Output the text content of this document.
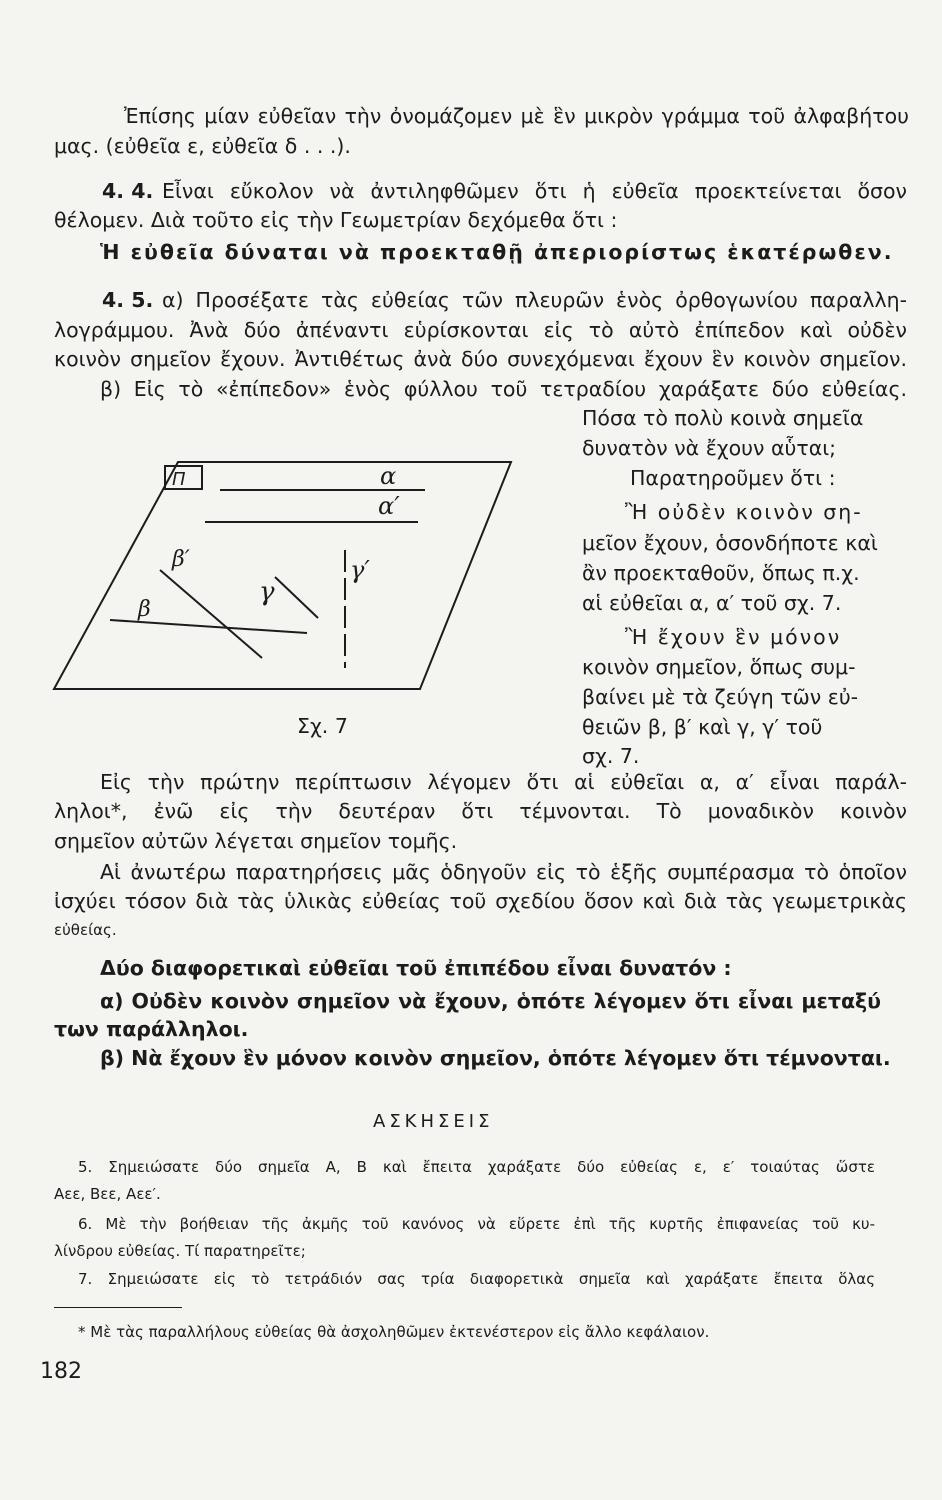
Ἐπίσης μίαν εὐθεῖαν τὴν ὀνομάζομεν μὲ ἓν μικρὸν γράμμα τοῦ ἀλφαβήτου
μας. (εὐθεῖα ε, εὐθεῖα δ . . .).
4. 4. Εἶναι εὔκολον νὰ ἀντιληφθῶμεν ὅτι ἡ εὐθεῖα προεκτείνεται ὅσον
θέλομεν. Διὰ τοῦτο εἰς τὴν Γεωμετρίαν δεχόμεθα ὅτι :
Ἡ εὐθεῖα δύναται νὰ προεκταθῇ ἀπεριορίστως ἑκατέρωθεν.
4. 5. α) Προσέξατε τὰς εὐθείας τῶν πλευρῶν ἑνὸς ὀρθογωνίου παραλλη-
λογράμμου. Ἀνὰ δύο ἀπέναντι εὑρίσκονται εἰς τὸ αὐτὸ ἐπίπεδον καὶ οὐδὲν
κοινὸν σημεῖον ἔχουν. Ἀντιθέτως ἀνὰ δύο συνεχόμεναι ἔχουν ἓν κοινὸν σημεῖον.
β) Εἰς τὸ «ἐπίπεδον» ἑνὸς φύλλου τοῦ τετραδίου χαράξατε δύο εὐθείας.
Πόσα τὸ πολὺ κοινὰ σημεῖα
δυνατὸν νὰ ἔχουν αὗται;
Παρατηροῦμεν ὅτι :
Ἢ οὐδὲν κοινὸν ση-
μεῖον ἔχουν, ὁσονδήποτε καὶ
ἂν προεκταθοῦν, ὅπως π.χ.
αἱ εὐθεῖαι α, α′ τοῦ σχ. 7.
Ἢ ἔχουν ἓν μόνον
κοινὸν σημεῖον, ὅπως συμ-
βαίνει μὲ τὰ ζεύγη τῶν εὐ-
θειῶν β, β′ καὶ γ, γ′ τοῦ
σχ. 7.
Π	α
α′
β′
β
γ
γ′
Σχ. 7
Εἰς τὴν πρώτην περίπτωσιν λέγομεν ὅτι αἱ εὐθεῖαι α, α′ εἶναι παράλ-
ληλοι*, ἐνῶ εἰς τὴν δευτέραν ὅτι τέμνονται. Τὸ μοναδικὸν κοινὸν
σημεῖον αὐτῶν λέγεται σημεῖον τομῆς.
Αἱ ἀνωτέρω παρατηρήσεις μᾶς ὁδηγοῦν εἰς τὸ ἑξῆς συμπέρασμα τὸ ὁποῖον
ἰσχύει τόσον διὰ τὰς ὑλικὰς εὐθείας τοῦ σχεδίου ὅσον καὶ διὰ τὰς γεωμετρικὰς
εὐθείας.
Δύο διαφορετικαὶ εὐθεῖαι τοῦ ἐπιπέδου εἶναι δυνατόν :
α) Οὐδὲν κοινὸν σημεῖον νὰ ἔχουν, ὁπότε λέγομεν ὅτι εἶναι μεταξύ
των παράλληλοι.
β) Νὰ ἔχουν ἓν μόνον κοινὸν σημεῖον, ὁπότε λέγομεν ὅτι τέμνονται.
ΑΣΚΗΣΕΙΣ
5. Σημειώσατε δύο σημεῖα Α, Β καὶ ἔπειτα χαράξατε δύο εὐθείας ε, ε′ τοιαύτας ὥστε
Αεε, Βεε, Αεε′.
6. Μὲ τὴν βοήθειαν τῆς ἀκμῆς τοῦ κανόνος νὰ εὕρετε ἐπὶ τῆς κυρτῆς ἐπιφανείας τοῦ κυ-
λίνδρου εὐθείας. Τί παρατηρεῖτε;
7. Σημειώσατε εἰς τὸ τετράδιόν σας τρία διαφορετικὰ σημεῖα καὶ χαράξατε ἔπειτα ὅλας
* Μὲ τὰς παραλλήλους εὐθείας θὰ ἀσχοληθῶμεν ἐκτενέστερον εἰς ἄλλο κεφάλαιον.
182
